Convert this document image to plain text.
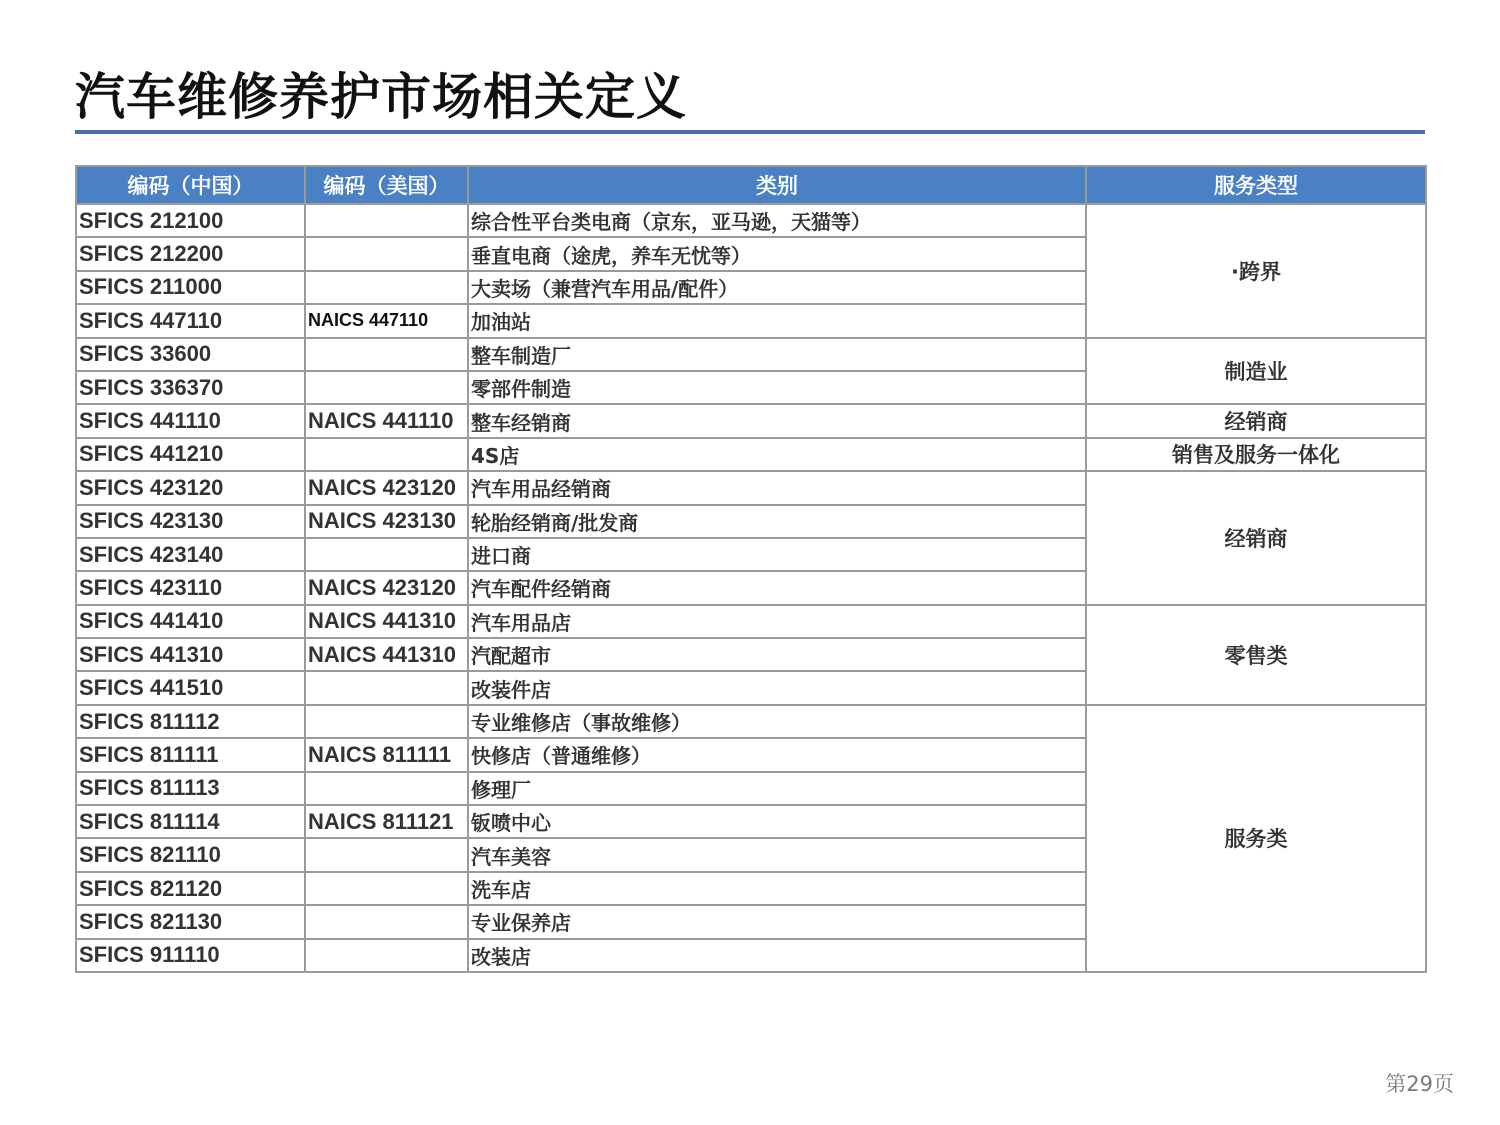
汽车维修养护市场相关定义
编码（中国）	编码（美国）	类别	服务类型
SFICS 212100		综合性平台类电商（京东，亚马逊，天猫等）	·跨界
SFICS 212200		垂直电商（途虎，养车无忧等）	
SFICS 211000		大卖场（兼营汽车用品/配件）	
SFICS 447110	NAICS 447110	加油站	
SFICS 33600		整车制造厂	制造业
SFICS 336370		零部件制造	
SFICS 441110	NAICS 441110	整车经销商	经销商
SFICS 441210		4S店	销售及服务一体化
SFICS 423120	NAICS 423120	汽车用品经销商	经销商
SFICS 423130	NAICS 423130	轮胎经销商/批发商	
SFICS 423140		进口商	
SFICS 423110	NAICS 423120	汽车配件经销商	
SFICS 441410	NAICS 441310	汽车用品店	零售类
SFICS 441310	NAICS 441310	汽配超市	
SFICS 441510		改装件店	
SFICS 811112		专业维修店（事故维修）	服务类
SFICS 811111	NAICS 811111	快修店（普通维修）	
SFICS 811113		修理厂	
SFICS 811114	NAICS 811121	钣喷中心	
SFICS 821110		汽车美容	
SFICS 821120		洗车店	
SFICS 821130		专业保养店	
SFICS 911110		改装店	
第29页
